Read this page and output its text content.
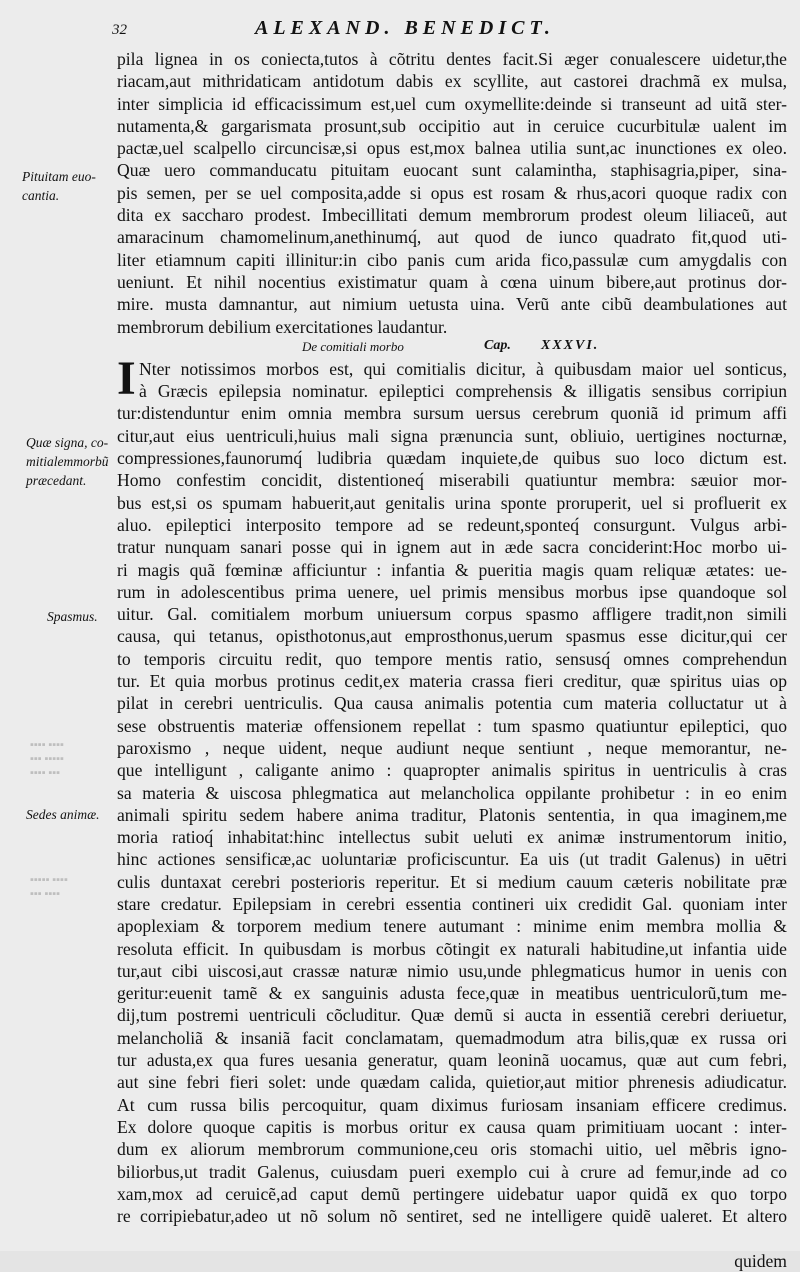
32	ALEXAND. BENEDICT.
Pituitam euo-
cantia.
Quæ signa, co-
mitialemmorbũ
præcedant.
Spasmus.
Sedes animæ.
▪▪▪▪ ▪▪▪▪
▪▪▪ ▪▪▪▪▪
▪▪▪▪ ▪▪▪
▪▪▪▪▪ ▪▪▪▪
▪▪▪ ▪▪▪▪
pila lignea in os coniecta,tutos à cõtritu dentes facit.Si æger conualescere uidetur,the
riacam,aut mithridaticam antidotum dabis ex scyllite, aut castorei drachmã ex mulsa,
inter simplicia id efficacissimum est,uel cum oxymellite:deinde si transeunt ad uitã ster-
nutamenta,& gargarismata prosunt,sub occipitio aut in ceruice cucurbitulæ ualent im
pactæ,uel scalpello circuncisæ,si opus est,mox balnea utilia sunt,ac inunctiones ex oleo.
Quæ uero commanducatu pituitam euocant sunt calamintha, staphisagria,piper, sina-
pis semen, per se uel composita,adde si opus est rosam & rhus,acori quoque radix con
dita ex saccharo prodest. Imbecillitati demum membrorum prodest oleum liliaceũ, aut
amaracinum chamomelinum,anethinumq́, aut quod de iunco quadrato fit,quod uti-
liter etiamnum capiti illinitur:in cibo panis cum arida fico,passulæ cum amygdalis con
ueniunt. Et nihil nocentius existimatur quam à cœna uinum bibere,aut protinus dor-
mire. musta damnantur, aut nimium uetusta uina. Verũ ante cibũ deambulationes aut
membrorum debilium exercitationes laudantur.
De comitiali morbo	Cap. XXXVI.
I Nter notissimos morbos est, qui comitialis dicitur, à quibusdam maior uel sonticus,
à Græcis epilepsia nominatur. epileptici comprehensis & illigatis sensibus corripiun
tur:distenduntur enim omnia membra sursum uersus cerebrum quoniã id primum affi
citur,aut eius uentriculi,huius mali signa prænuncia sunt, obliuio, uertigines nocturnæ,
compressiones,faunorumq́ ludibria quædam inquiete,de quibus suo loco dictum est.
Homo confestim concidit, distentioneq́ miserabili quatiuntur membra: sæuior mor-
bus est,si os spumam habuerit,aut genitalis urina sponte proruperit, uel si profluerit ex
aluo. epileptici interposito tempore ad se redeunt,sponteq́ consurgunt. Vulgus arbi-
tratur nunquam sanari posse qui in ignem aut in æde sacra conciderint:Hoc morbo ui-
ri magis quã fœminæ afficiuntur : infantia & pueritia magis quam reliquæ ætates: ue-
rum in adolescentibus prima uenere, uel primis mensibus morbus ipse quandoque sol
uitur. Gal. comitialem morbum uniuersum corpus spasmo affligere tradit,non simili
causa, qui tetanus, opisthotonus,aut emprosthonus,uerum spasmus esse dicitur,qui cer
to temporis circuitu redit, quo tempore mentis ratio, sensusq́ omnes comprehendun
tur. Et quia morbus protinus cedit,ex materia crassa fieri creditur, quæ spiritus uias op
pilat in cerebri uentriculis. Qua causa animalis potentia cum materia colluctatur ut à
sese obstruentis materiæ offensionem repellat : tum spasmo quatiuntur epileptici, quo
paroxismo , neque uident, neque audiunt neque sentiunt , neque memorantur, ne-
que intelligunt , caligante animo : quapropter animalis spiritus in uentriculis à cras
sa materia & uiscosa phlegmatica aut melancholica oppilante prohibetur : in eo enim
animali spiritu sedem habere anima traditur, Platonis sententia, in qua imaginem,me
moria ratioq́ inhabitat:hinc intellectus subit ueluti ex animæ instrumentorum initio,
hinc actiones sensificæ,ac uoluntariæ proficiscuntur. Ea uis (ut tradit Galenus) in uētri
culis duntaxat cerebri posterioris reperitur. Et si medium cauum cæteris nobilitate præ
stare credatur. Epilepsiam in cerebri essentia contineri uix credidit Gal. quoniam inter
apoplexiam & torporem medium tenere autumant : minime enim membra mollia &
resoluta efficit. In quibusdam is morbus cõtingit ex naturali habitudine,ut infantia uide
tur,aut cibi uiscosi,aut crassæ naturæ nimio usu,unde phlegmaticus humor in uenis con
geritur:euenit tamẽ & ex sanguinis adusta fece,quæ in meatibus uentriculorũ,tum me-
dij,tum postremi uentriculi cõcluditur. Quæ demũ si aucta in essentiã cerebri deriuetur,
melancholiã & insaniã facit conclamatam, quemadmodum atra bilis,quæ ex russa ori
tur adusta,ex qua fures uesania generatur, quam leoninã uocamus, quæ aut cum febri,
aut sine febri fieri solet: unde quædam calida, quietior,aut mitior phrenesis adiudicatur.
At cum russa bilis percoquitur, quam diximus furiosam insaniam efficere credimus.
Ex dolore quoque capitis is morbus oritur ex causa quam primitiuam uocant : inter-
dum ex aliorum membrorum communione,ceu oris stomachi uitio, uel mẽbris igno-
biliorbus,ut tradit Galenus, cuiusdam pueri exemplo cui à crure ad femur,inde ad co
xam,mox ad ceruicẽ,ad caput demũ pertingere uidebatur uapor quidã ex quo torpo
re corripiebatur,adeo ut nõ solum nõ sentiret, sed ne intelligere quidẽ ualeret. Et altero
quidem
